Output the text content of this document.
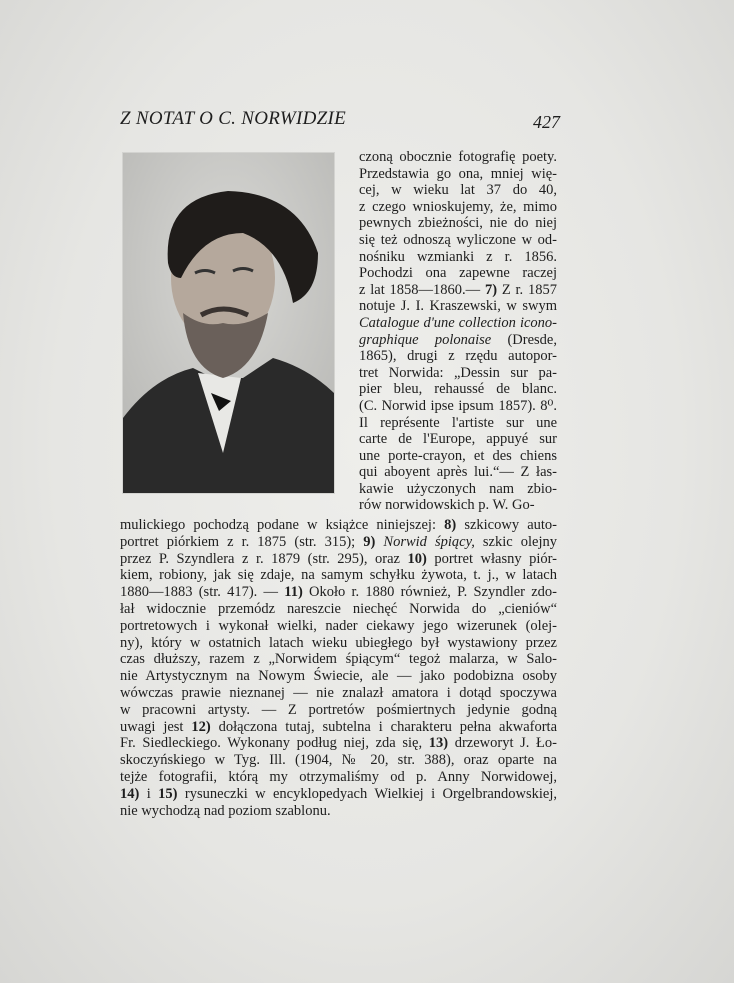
Z NOTAT O C. NORWIDZIE	427
czoną obocznie fotografię poety.
Przedstawia go ona, mniej wię-
cej, w wieku lat 37 do 40,
z czego wnioskujemy, że, mimo
pewnych zbieżności, nie do niej
się też odnoszą wyliczone w od-
nośniku wzmianki z r. 1856.
Pochodzi ona zapewne raczej
z lat 1858—1860.— 7) Z r. 1857
notuje J. I. Kraszewski, w swym
Catalogue d'une collection icono-
graphique polonaise (Dresde,
1865), drugi z rzędu autopor-
tret Norwida: „Dessin sur pa-
pier bleu, rehaussé de blanc.
(C. Norwid ipse ipsum 1857). 8⁰.
Il représente l'artiste sur une
carte de l'Europe, appuyé sur
une porte-crayon, et des chiens
qui aboyent après lui.“— Z łas-
kawie użyczonych nam zbio-
rów norwidowskich p. W. Go-
mulickiego pochodzą podane w książce niniejszej: 8) szkicowy auto-
portret piórkiem z r. 1875 (str. 315); 9) Norwid śpiący, szkic olejny
przez P. Szyndlera z r. 1879 (str. 295), oraz 10) portret własny piór-
kiem, robiony, jak się zdaje, na samym schyłku żywota, t. j., w latach
1880—1883 (str. 417). — 11) Około r. 1880 również, P. Szyndler zdo-
łał widocznie przemódz nareszcie niechęć Norwida do „cieniów“
portretowych i wykonał wielki, nader ciekawy jego wizerunek (olej-
ny), który w ostatnich latach wieku ubiegłego był wystawiony przez
czas dłuższy, razem z „Norwidem śpiącym“ tegoż malarza, w Salo-
nie Artystycznym na Nowym Świecie, ale — jako podobizna osoby
wówczas prawie nieznanej — nie znalazł amatora i dotąd spoczywa
w pracowni artysty. — Z portretów pośmiertnych jedynie godną
uwagi jest 12) dołączona tutaj, subtelna i charakteru pełna akwaforta
Fr. Siedleckiego. Wykonany podług niej, zda się, 13) drzeworyt J. Ło-
skoczyńskiego w Tyg. Ill. (1904, № 20, str. 388), oraz oparte na
tejże fotografii, którą my otrzymaliśmy od p. Anny Norwidowej,
14) i 15) rysuneczki w encyklopedyach Wielkiej i Orgelbrandowskiej,
nie wychodzą nad poziom szablonu.
